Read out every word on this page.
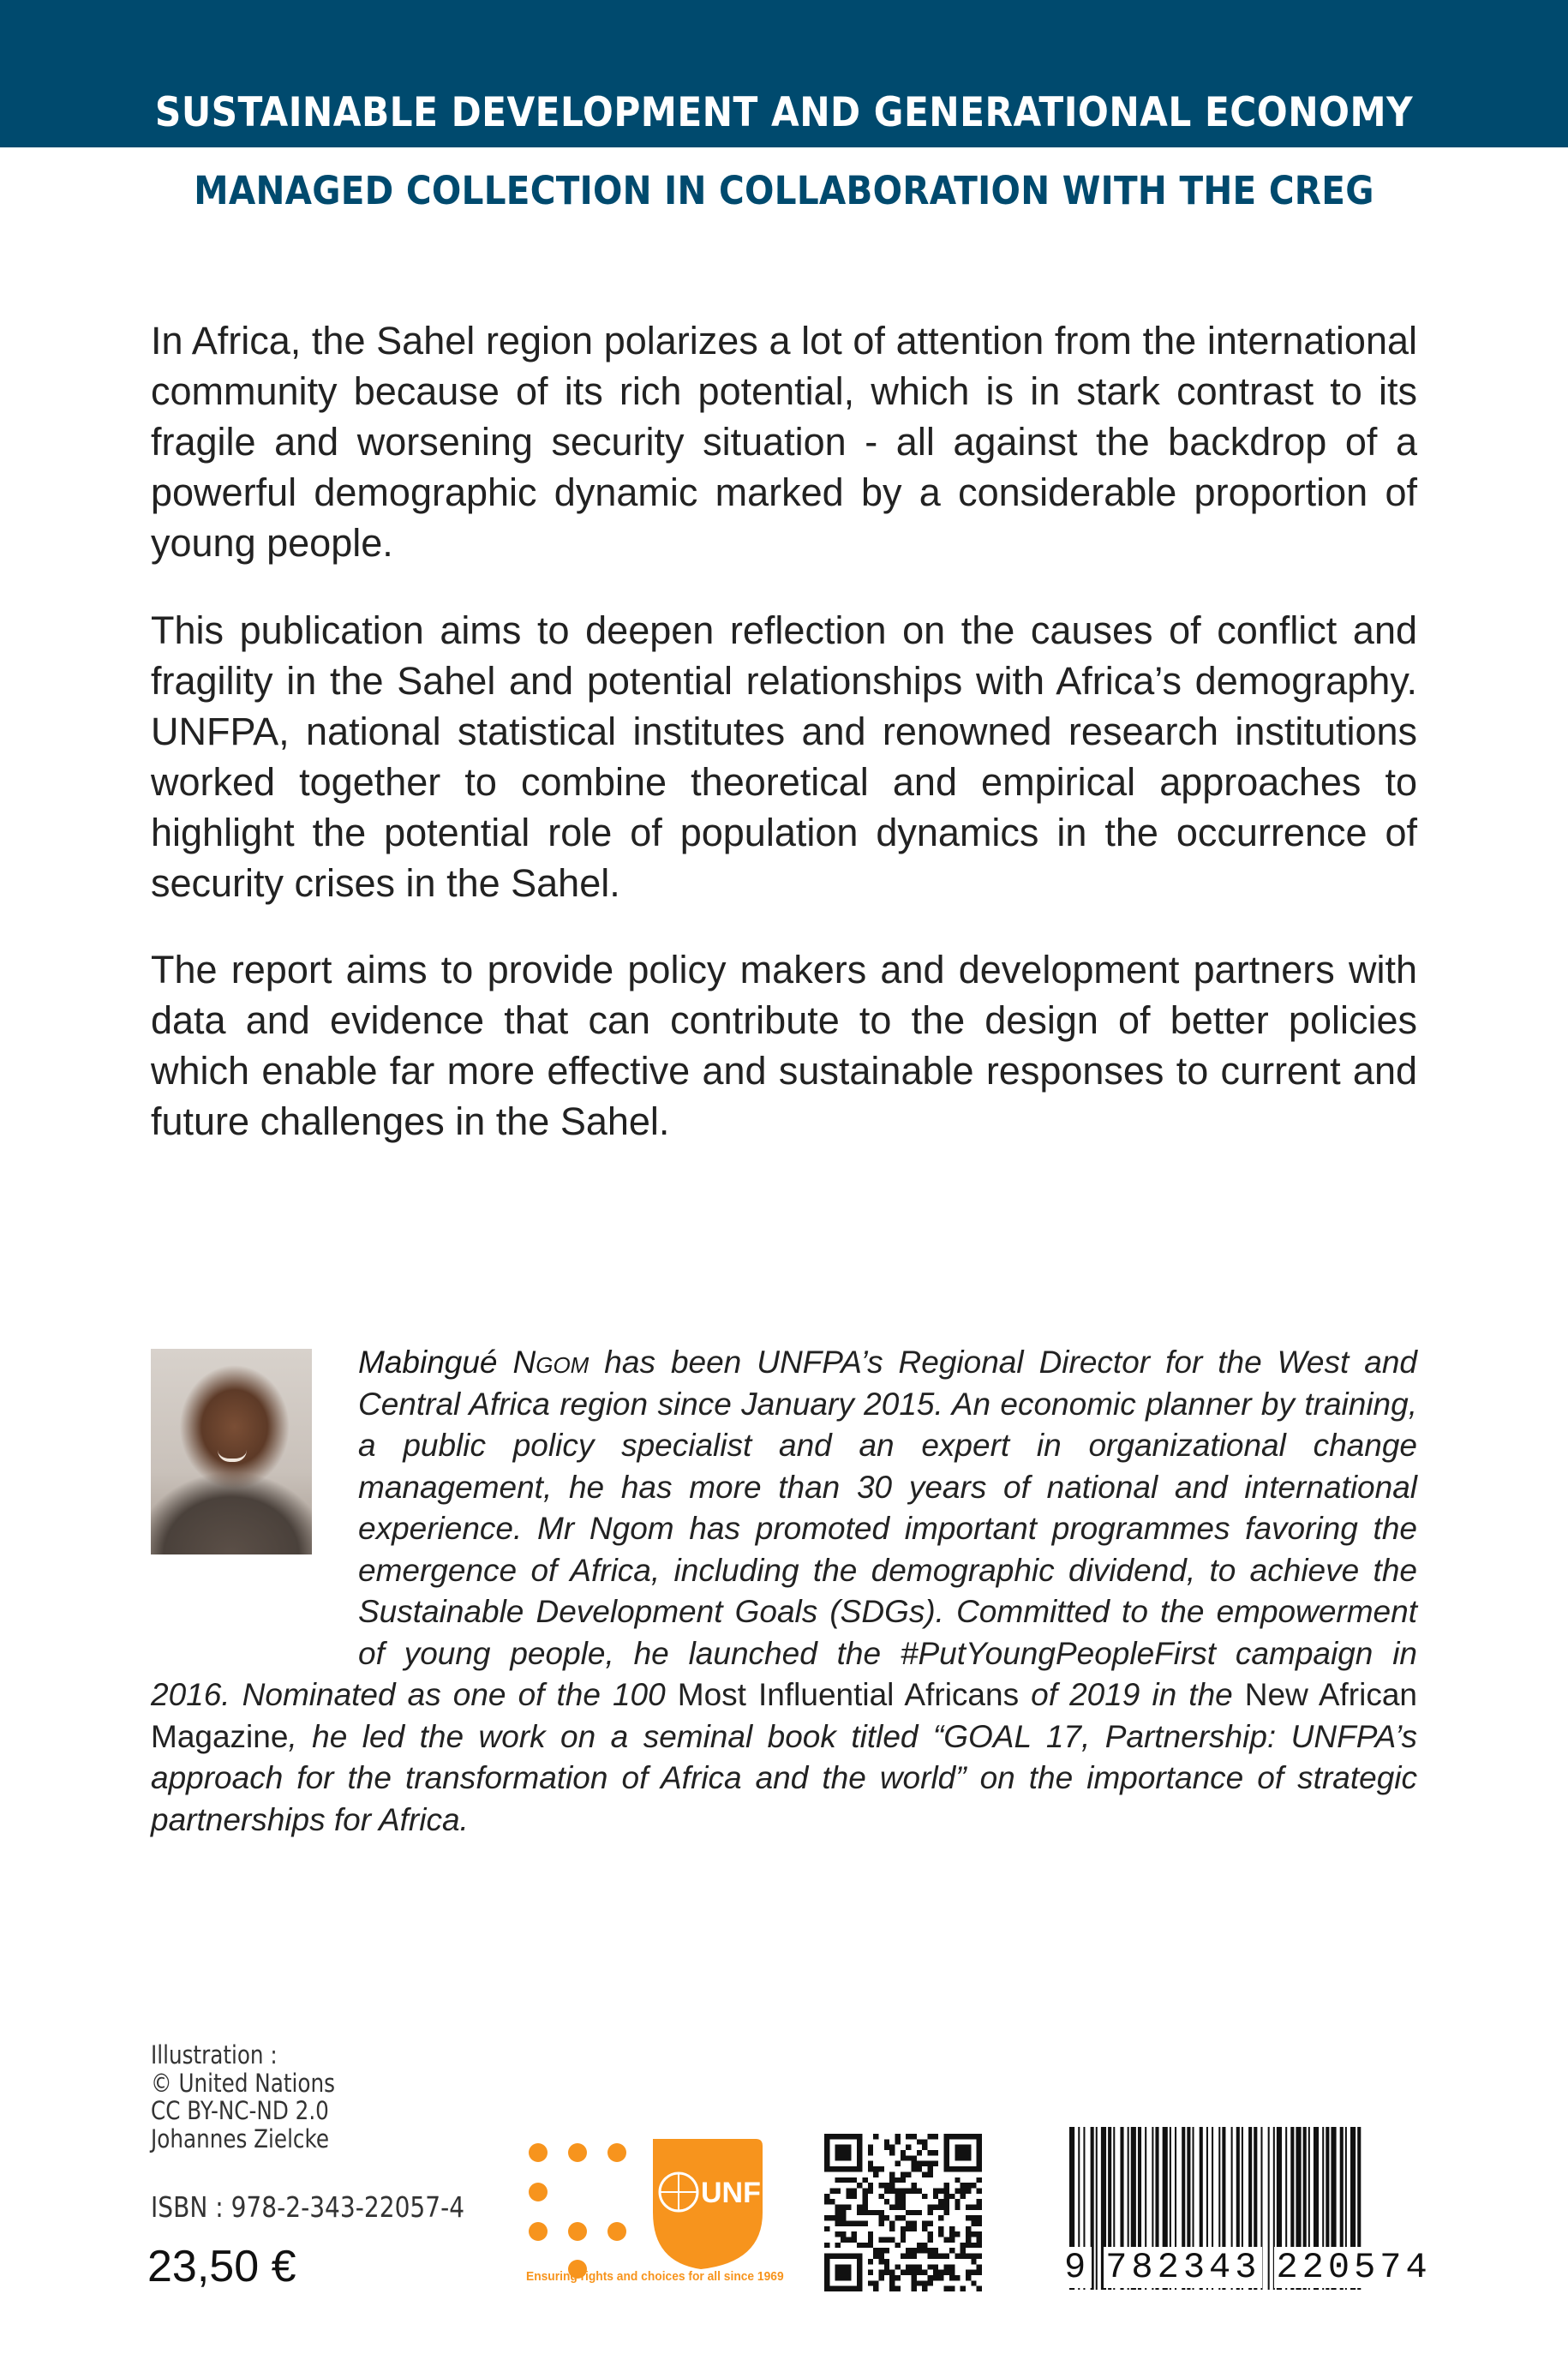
SUSTAINABLE DEVELOPMENT AND GENERATIONAL ECONOMY
MANAGED COLLECTION IN COLLABORATION WITH THE CREG
In Africa, the Sahel region polarizes a lot of attention from the international community because of its rich potential, which is in stark contrast to its fragile and worsening security situation - all against the backdrop of a powerful demographic dynamic marked by a considerable proportion of young people.
This publication aims to deepen reflection on the causes of conflict and fragility in the Sahel and potential relationships with Africa’s demography. UNFPA, national statistical institutes and renowned research institutions worked together to combine theoretical and empirical approaches to highlight the potential role of population dynamics in the occurrence of security crises in the Sahel.
The report aims to provide policy makers and development partners with data and evidence that can contribute to the design of better policies which enable far more effective and sustainable responses to current and future challenges in the Sahel.
Mabingué Ngom has been UNFPA’s Regional Director for the West and Central Africa region since January 2015. An economic planner by training, a public policy specialist and an expert in organizational change management, he has more than 30 years of national and international experience. Mr Ngom has promoted important programmes favoring the emergence of Africa, including the demographic dividend, to achieve the Sustainable Development Goals (SDGs). Committed to the empowerment of young people, he launched the #PutYoungPeopleFirst campaign in 2016. Nominated as one of the 100 Most Influential Africans of 2019 in the New African Magazine, he led the work on a seminal book titled “GOAL 17, Partnership: UNFPA’s approach for the transformation of Africa and the world” on the importance of strategic partnerships for Africa.
Illustration :
© United Nations
CC BY-NC-ND 2.0
Johannes Zielcke
ISBN : 978-2-343-22057-4
23,50 €
UNFPA
Ensuring rights and choices for all since 1969	9 782343 220574
